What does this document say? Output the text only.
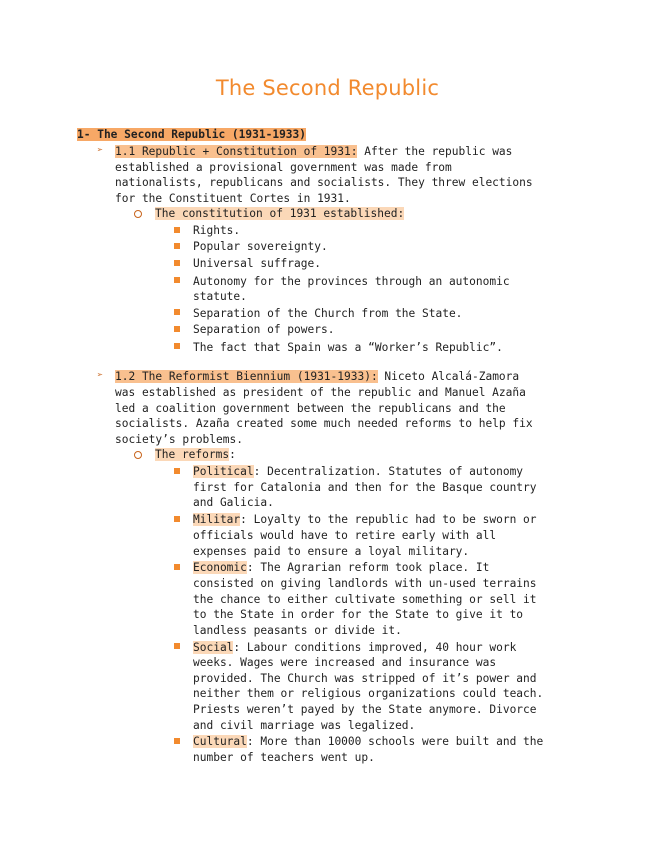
The Second Republic
1- The Second Republic (1931-1933)
➢ 1.1 Republic + Constitution of 1931: After the republic was
established a provisional government was made from
nationalists, republicans and socialists. They threw elections
for the Constituent Cortes in 1931.
The constitution of 1931 established:
Rights.
Popular sovereignty.
Universal suffrage.
Autonomy for the provinces through an autonomic
statute.
Separation of the Church from the State.
Separation of powers.
The fact that Spain was a “Worker’s Republic”.
➢ 1.2 The Reformist Biennium (1931-1933): Niceto Alcalá-Zamora
was established as president of the republic and Manuel Azaña
led a coalition government between the republicans and the
socialists. Azaña created some much needed reforms to help fix
society’s problems.
The reforms:
Political: Decentralization. Statutes of autonomy
first for Catalonia and then for the Basque country
and Galicia.
Militar: Loyalty to the republic had to be sworn or
officials would have to retire early with all
expenses paid to ensure a loyal military.
Economic: The Agrarian reform took place. It
consisted on giving landlords with un-used terrains
the chance to either cultivate something or sell it
to the State in order for the State to give it to
landless peasants or divide it.
Social: Labour conditions improved, 40 hour work
weeks. Wages were increased and insurance was
provided. The Church was stripped of it’s power and
neither them or religious organizations could teach.
Priests weren’t payed by the State anymore. Divorce
and civil marriage was legalized.
Cultural: More than 10000 schools were built and the
number of teachers went up.
